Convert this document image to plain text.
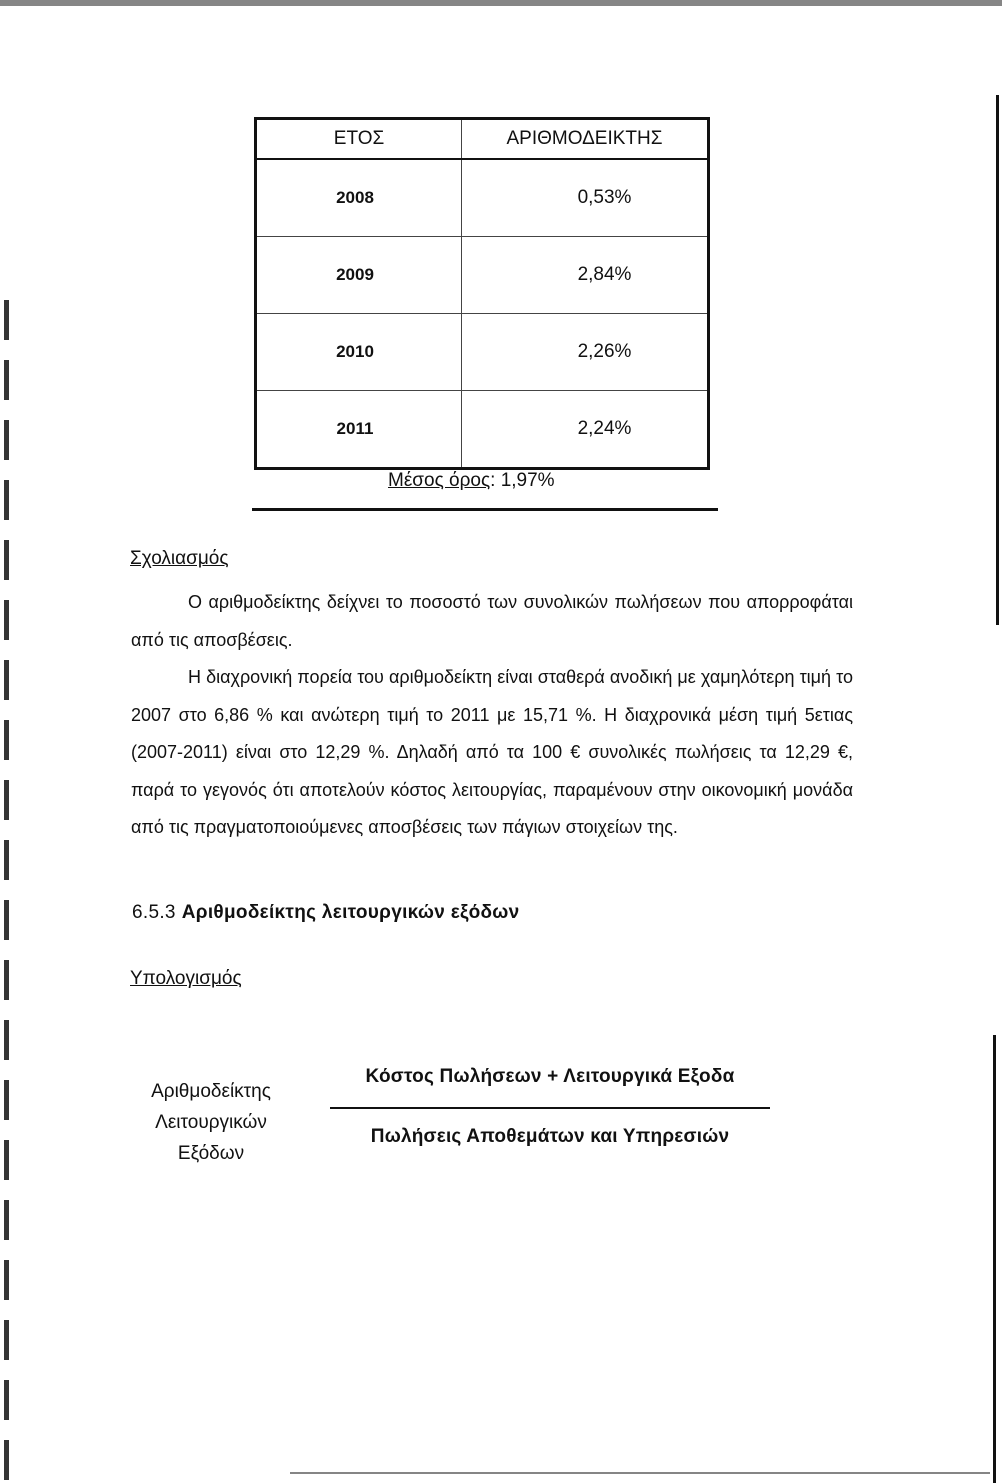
ΕΤΟΣ	ΑΡΙΘΜΟΔΕΙΚΤΗΣ
2008	0,53%
2009	2,84%
2010	2,26%
2011	2,24%
Μέσος όρος: 1,97%
Σχολιασμός

Ο αριθμοδείκτης δείχνει το ποσοστό των συνολικών πωλήσεων που απορροφάται από τις αποσβέσεις.

Η διαχρονική πορεία του αριθμοδείκτη είναι σταθερά ανοδική με χαμηλότερη τιμή το 2007 στο 6,86 % και ανώτερη τιμή το 2011 με 15,71 %. Η διαχρονικά μέση τιμή 5ετιας (2007-2011) είναι στο 12,29 %. Δηλαδή από τα 100 € συνολικές πωλήσεις τα 12,29 €, παρά το γεγονός ότι αποτελούν κόστος λειτουργίας, παραμένουν στην οικονομική μονάδα από τις πραγματοποιούμενες αποσβέσεις των πάγιων στοιχείων της.

6.5.3 Αριθμοδείκτης λειτουργικών εξόδων
Υπολογισμός
Αριθμοδείκτης
Λειτουργικών
Εξόδων
Κόστος Πωλήσεων + Λειτουργικά Εξοδα
Πωλήσεις Αποθεμάτων και Υπηρεσιών
